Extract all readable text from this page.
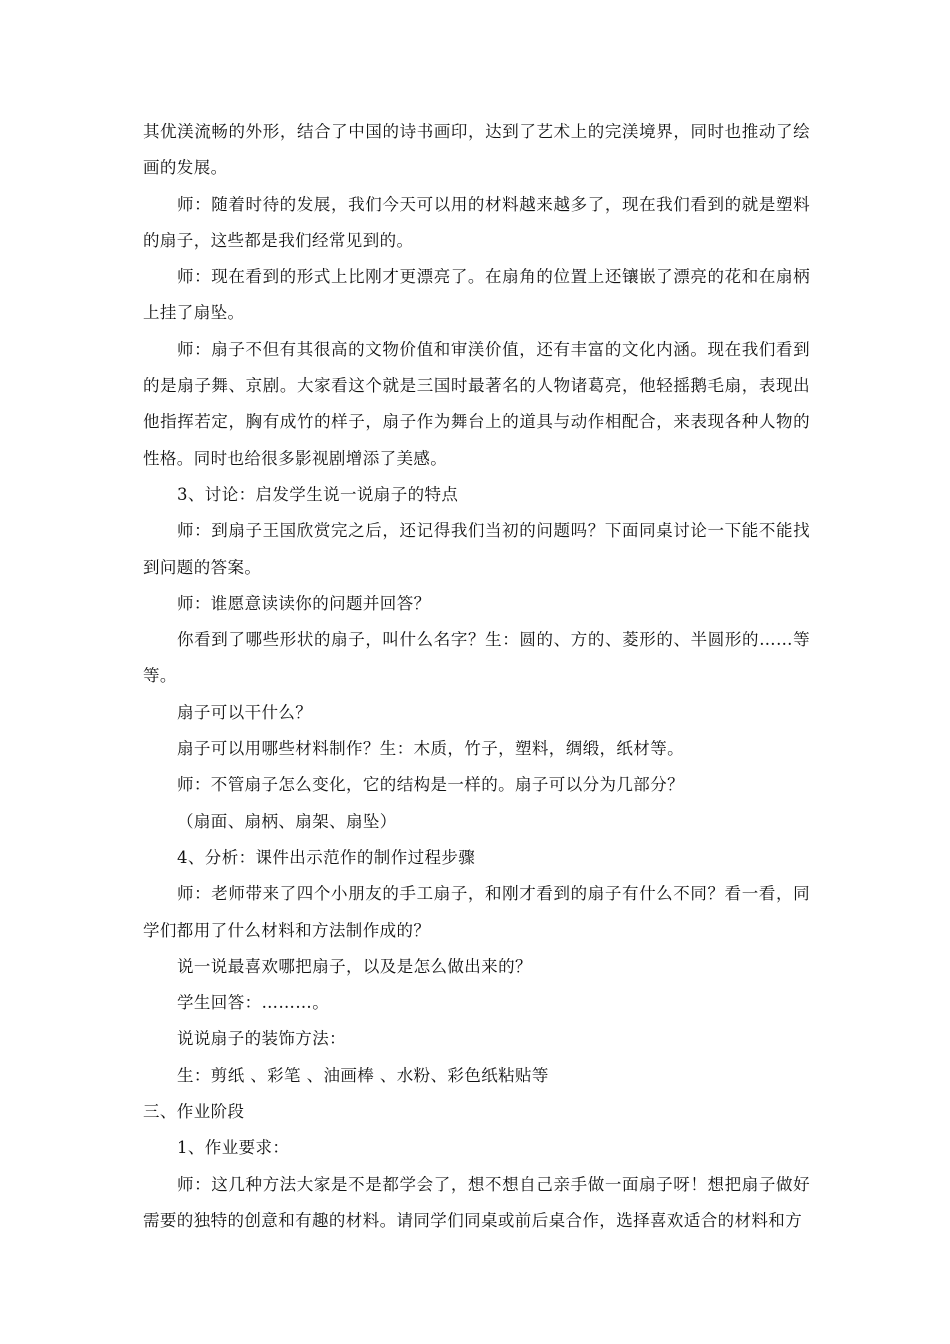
其优渼流畅的外形，结合了中国的诗书画印，达到了艺术上的完渼境界，同时也推动了绘画的发展。

师：随着时待的发展，我们今天可以用的材料越来越多了，现在我们看到的就是塑料的扇子，这些都是我们经常见到的。

师：现在看到的形式上比刚才更漂亮了。在扇角的位置上还镶嵌了漂亮的花和在扇柄上挂了扇坠。

师：扇子不但有其很高的文物价值和审渼价值，还有丰富的文化内涵。现在我们看到的是扇子舞、京剧。大家看这个就是三国时最著名的人物诸葛亮，他轻摇鹅毛扇，表现出他指挥若定，胸有成竹的样子，扇子作为舞台上的道具与动作相配合，来表现各种人物的性格。同时也给很多影视剧增添了美感。

3、讨论：启发学生说一说扇子的特点

师：到扇子王国欣赏完之后，还记得我们当初的问题吗？下面同桌讨论一下能不能找到问题的答案。

师：谁愿意读读你的问题并回答？

你看到了哪些形状的扇子，叫什么名字？生：圆的、方的、菱形的、半圆形的……等等。

扇子可以干什么？

扇子可以用哪些材料制作？生：木质，竹子，塑料，绸缎，纸材等。

师：不管扇子怎么变化，它的结构是一样的。扇子可以分为几部分？

（扇面、扇柄、扇架、扇坠）

4、分析：课件出示范作的制作过程步骤

师：老师带来了四个小朋友的手工扇子，和刚才看到的扇子有什么不同？看一看，同学们都用了什么材料和方法制作成的？

说一说最喜欢哪把扇子，以及是怎么做出来的？

学生回答：………。

说说扇子的装饰方法：

生：剪纸 、彩笔 、油画棒 、水粉、彩色纸粘贴等

三、作业阶段

1、作业要求：

师：这几种方法大家是不是都学会了，想不想自己亲手做一面扇子呀！想把扇子做好需要的独特的创意和有趣的材料。请同学们同桌或前后桌合作，选择喜欢适合的材料和方
